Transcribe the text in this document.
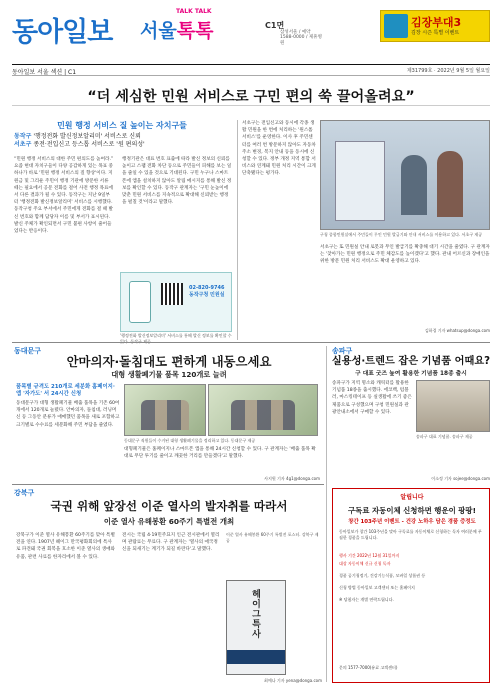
동아일보 서울톡톡
TALK TALK
C1면
삼성서울 / 예약 1588-0000 / 제휴병원
김장부대3
김장 시즌 특별 이벤트
동아일보 서울 섹션 | C1	제31799호 · 2022년 9월 5일 월요일
“더 세심한 민원 서비스로 구민 편의 쑥 끌어올려요”
민원 행정 서비스 질 높이는 자치구들
동작구 '행정전화 발신정보알리미' 서비스로 신뢰
서초구 종전·전입신고 등스톱 서비스로 '원 편의성'
“민원 행정 서비스의 대한 주민 편의도를 높여라.” 요즘 현대 자치구들이 다양 공감하게 있는 목표 중 하나가 바로 '민원 행정 서비스의 질 향상'이다. 지원금 및 그리운 주민이 행정 기관에 방문한 서류 떼는 필요에서 공문 전화를 걸어 사전 행정 목표에서 다른 결과가 될 수 있다. 동작구는 지난 9일부터 '행정전화 발신정보알리미' 서비스를 시행했다. 동작구청 주요 부서에서 주민에게 전화를 걸 때 발신 번호와 함께 담당자 이름 및 부서가 표시된다. 발신 주체가 확인되면서 구민 불편 사항이 줄어들었다는 반응이다.
행정기관은 대표 번호 표출에 따라 발신 정보의 신뢰를 높이고 스팸 전화 차단 등으로 주민들이 피해를 보는 일을 줄일 수 있을 것으로 기대된다. 구민 누구나 스마트폰에 앱을 설치하지 않아도 알림 메시지를 통해 발신 정보를 확인할 수 있다. 동작구 관계자는 '구민 눈높이에 맞춘 민원 서비스를 지속적으로 확대해 신뢰받는 행정을 펼칠 것'이라고 말했다.
02-820-9746 동작구청 민원실
'행정전화 발신정보알리미' 서비스를 통해 발신 정보를 확인할 수
서초구는 전입신고와 동시에 각종 생활 민원을 한 번에 처리하는 '원스톱 서비스'를 운영한다. 이사 후 주민센터를 여러 번 방문하지 않아도 자동차 주소 변경, 복지 안내 등을 동시에 신청할 수 있다. 정부 개정 지역 통합 서비스와 연계돼 민원 처리 시간이 크게 단축됐다는 평가다.
구청 종합민원실에서 주민들이 무인 민원 발급기와 안내 서비스를 이용하고 있다. 서초구 제공
서초구는 또 민원실 안내 로봇과 무인 발급기를 확충해 대기 시간을 줄였다. 구 관계자는 '찾아가는 민원 행정으로 주민 체감도를 높이겠다'고 했다. 관내 어르신과 장애인을 위한 방문 민원 처리 서비스도 확대 운영하고 있다.
김하경 기자 whatsup@donga.com
동대문구
안마의자·돌침대도 편하게 내동으세요
대형 생활폐기물 품목 120개로 늘려
품목별 규격도 210개로 세분화 홈페이지·앱 '자가도' 서 24시간 신청
동대문구가 대형 생활폐기물 배출 품목을 기존 60여 개에서 120개로 늘렸다. 안마의자, 돌침대, 러닝머신 등 그동안 분류가 애매했던 품목을 새로 포함하고 크기별로 수수료를 세분화해 주민 부담을 줄였다.
동대문구 직원들이 수거된 대형 생활폐기물을 정리하고 있다. 동대문구 제공
대형폐기물은 홈페이지나 스마트폰 앱을 통해 24시간 신청할 수 있다. 구 관계자는 '배출 품목 확대로 무단 투기를 줄이고 깨끗한 거리를 만들겠다'고 말했다.
사지원 기자 4g1@donga.com
송파구
실용성·트렌드 잡은 기념품 어때요?
구 대표 굿즈 높여 활용한 기념품 18종 출시
송파구가 지역 명소와 캐릭터를 활용한 기념품 18종을 출시했다. 에코백, 텀블러, 마스킹테이프 등 실생활에 쓰기 좋은 제품으로 구성했으며 구청 민원실과 관광안내소에서 구매할 수 있다.
송파구 대표 기념품. 송파구 제공
이소정 기자 sojee@donga.com
강북구
국권 위해 앞장선 이준 열사의 발자취를 따라서
이준 열사 유해봉환 60주기 특별전 개최
강북구가 이준 열사 유해봉환 60주기를 맞아 특별전을 연다. 1907년 헤이그 만국평화회의에 특사로 파견돼 국권 회복을 호소한 이준 열사의 생애와 유품, 관련 사료를 한자리에서 볼 수 있다.
전시는 국립 4·19민주묘지 인근 전시관에서 열리며 관람료는 무료다. 구 관계자는 '열사의 애국정신을 되새기는 계기가 되길 바란다'고 말했다.
헤이그특사
이준 열사 유해봉환 60주기 특별전 포스터. 강북구 제공
최예나 기자 yena@donga.com
알립니다
구독료 자동이체 신청하면 행운이 팡팡!
창간 103주년 이벤트 - 건강 노하우 담은 경품 증정도
동아일보가 창간 103주년을 맞아 구독료를 자동이체로 신청하는 독자 여러분께 푸짐한 경품을 드립니다.
행사 기간 2022년 12월 31일까지
대상 자동이체 신규 신청 독자
경품 공기청정기, 건강기능식품, 모바일 상품권 등
신청 방법 동아일보 고객센터 또는 홈페이지
※ 당첨자는 개별 연락드립니다.
문의 1577-7000(유료 고객센터)
